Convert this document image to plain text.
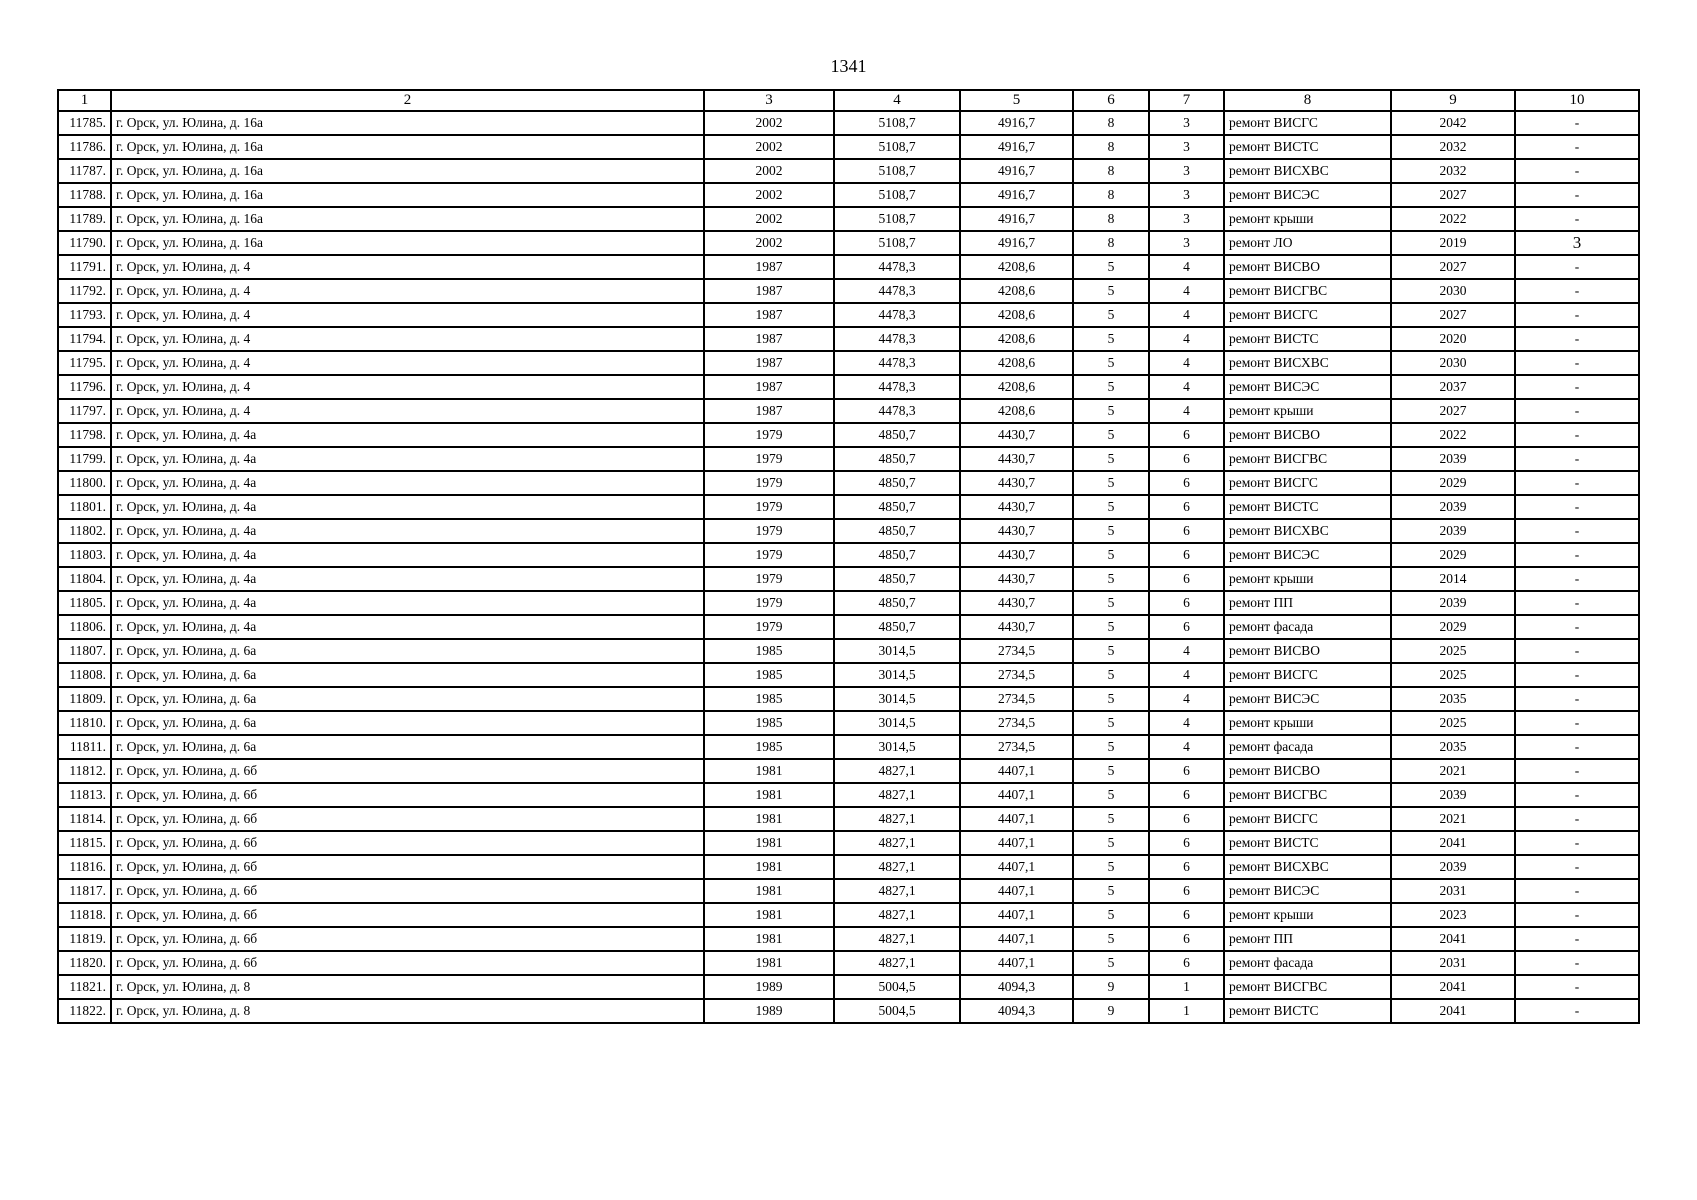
1341
1	2	3	4	5	6	7	8	9	10
11785.	г. Орск, ул. Юлина, д. 16а	2002	5108,7	4916,7	8	3	ремонт ВИСГС	2042	-
11786.	г. Орск, ул. Юлина, д. 16а	2002	5108,7	4916,7	8	3	ремонт ВИСТС	2032	-
11787.	г. Орск, ул. Юлина, д. 16а	2002	5108,7	4916,7	8	3	ремонт ВИСХВС	2032	-
11788.	г. Орск, ул. Юлина, д. 16а	2002	5108,7	4916,7	8	3	ремонт ВИСЭС	2027	-
11789.	г. Орск, ул. Юлина, д. 16а	2002	5108,7	4916,7	8	3	ремонт крыши	2022	-
11790.	г. Орск, ул. Юлина, д. 16а	2002	5108,7	4916,7	8	3	ремонт ЛО	2019	3
11791.	г. Орск, ул. Юлина, д. 4	1987	4478,3	4208,6	5	4	ремонт ВИСВО	2027	-
11792.	г. Орск, ул. Юлина, д. 4	1987	4478,3	4208,6	5	4	ремонт ВИСГВС	2030	-
11793.	г. Орск, ул. Юлина, д. 4	1987	4478,3	4208,6	5	4	ремонт ВИСГС	2027	-
11794.	г. Орск, ул. Юлина, д. 4	1987	4478,3	4208,6	5	4	ремонт ВИСТС	2020	-
11795.	г. Орск, ул. Юлина, д. 4	1987	4478,3	4208,6	5	4	ремонт ВИСХВС	2030	-
11796.	г. Орск, ул. Юлина, д. 4	1987	4478,3	4208,6	5	4	ремонт ВИСЭС	2037	-
11797.	г. Орск, ул. Юлина, д. 4	1987	4478,3	4208,6	5	4	ремонт крыши	2027	-
11798.	г. Орск, ул. Юлина, д. 4а	1979	4850,7	4430,7	5	6	ремонт ВИСВО	2022	-
11799.	г. Орск, ул. Юлина, д. 4а	1979	4850,7	4430,7	5	6	ремонт ВИСГВС	2039	-
11800.	г. Орск, ул. Юлина, д. 4а	1979	4850,7	4430,7	5	6	ремонт ВИСГС	2029	-
11801.	г. Орск, ул. Юлина, д. 4а	1979	4850,7	4430,7	5	6	ремонт ВИСТС	2039	-
11802.	г. Орск, ул. Юлина, д. 4а	1979	4850,7	4430,7	5	6	ремонт ВИСХВС	2039	-
11803.	г. Орск, ул. Юлина, д. 4а	1979	4850,7	4430,7	5	6	ремонт ВИСЭС	2029	-
11804.	г. Орск, ул. Юлина, д. 4а	1979	4850,7	4430,7	5	6	ремонт крыши	2014	-
11805.	г. Орск, ул. Юлина, д. 4а	1979	4850,7	4430,7	5	6	ремонт ПП	2039	-
11806.	г. Орск, ул. Юлина, д. 4а	1979	4850,7	4430,7	5	6	ремонт фасада	2029	-
11807.	г. Орск, ул. Юлина, д. 6а	1985	3014,5	2734,5	5	4	ремонт ВИСВО	2025	-
11808.	г. Орск, ул. Юлина, д. 6а	1985	3014,5	2734,5	5	4	ремонт ВИСГС	2025	-
11809.	г. Орск, ул. Юлина, д. 6а	1985	3014,5	2734,5	5	4	ремонт ВИСЭС	2035	-
11810.	г. Орск, ул. Юлина, д. 6а	1985	3014,5	2734,5	5	4	ремонт крыши	2025	-
11811.	г. Орск, ул. Юлина, д. 6а	1985	3014,5	2734,5	5	4	ремонт фасада	2035	-
11812.	г. Орск, ул. Юлина, д. 6б	1981	4827,1	4407,1	5	6	ремонт ВИСВО	2021	-
11813.	г. Орск, ул. Юлина, д. 6б	1981	4827,1	4407,1	5	6	ремонт ВИСГВС	2039	-
11814.	г. Орск, ул. Юлина, д. 6б	1981	4827,1	4407,1	5	6	ремонт ВИСГС	2021	-
11815.	г. Орск, ул. Юлина, д. 6б	1981	4827,1	4407,1	5	6	ремонт ВИСТС	2041	-
11816.	г. Орск, ул. Юлина, д. 6б	1981	4827,1	4407,1	5	6	ремонт ВИСХВС	2039	-
11817.	г. Орск, ул. Юлина, д. 6б	1981	4827,1	4407,1	5	6	ремонт ВИСЭС	2031	-
11818.	г. Орск, ул. Юлина, д. 6б	1981	4827,1	4407,1	5	6	ремонт крыши	2023	-
11819.	г. Орск, ул. Юлина, д. 6б	1981	4827,1	4407,1	5	6	ремонт ПП	2041	-
11820.	г. Орск, ул. Юлина, д. 6б	1981	4827,1	4407,1	5	6	ремонт фасада	2031	-
11821.	г. Орск, ул. Юлина, д. 8	1989	5004,5	4094,3	9	1	ремонт ВИСГВС	2041	-
11822.	г. Орск, ул. Юлина, д. 8	1989	5004,5	4094,3	9	1	ремонт ВИСТС	2041	-
